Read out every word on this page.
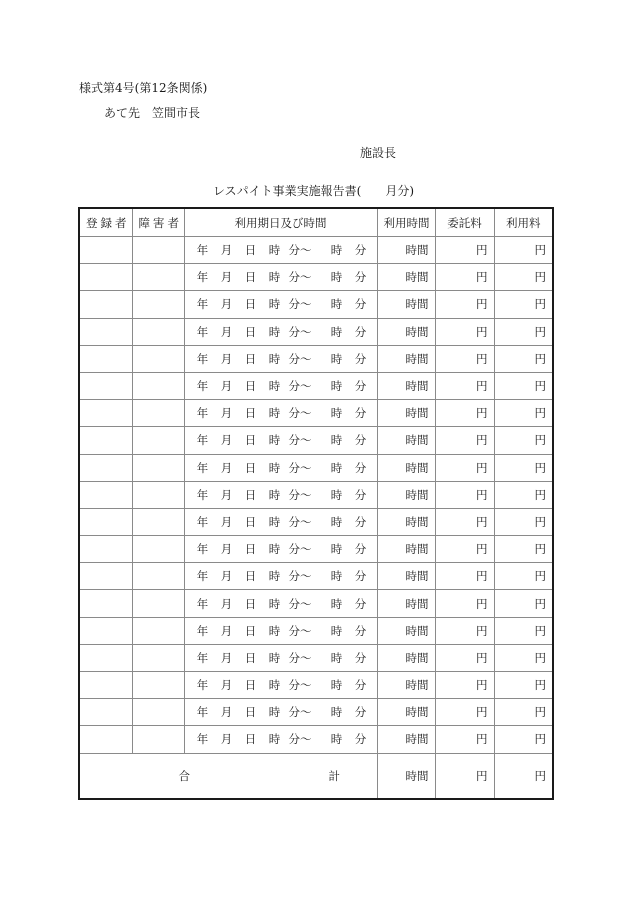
様式第4号(第12条関係)
あて先　笠間市長
施設長
レスパイト事業実施報告書(　　月分)
登録者	障害者	利用期日及び時間	利用時間	委託料	利用料
		年 月 日 時 分〜 時 分	時間	円	円
		年 月 日 時 分〜 時 分	時間	円	円
		年 月 日 時 分〜 時 分	時間	円	円
		年 月 日 時 分〜 時 分	時間	円	円
		年 月 日 時 分〜 時 分	時間	円	円
		年 月 日 時 分〜 時 分	時間	円	円
		年 月 日 時 分〜 時 分	時間	円	円
		年 月 日 時 分〜 時 分	時間	円	円
		年 月 日 時 分〜 時 分	時間	円	円
		年 月 日 時 分〜 時 分	時間	円	円
		年 月 日 時 分〜 時 分	時間	円	円
		年 月 日 時 分〜 時 分	時間	円	円
		年 月 日 時 分〜 時 分	時間	円	円
		年 月 日 時 分〜 時 分	時間	円	円
		年 月 日 時 分〜 時 分	時間	円	円
		年 月 日 時 分〜 時 分	時間	円	円
		年 月 日 時 分〜 時 分	時間	円	円
		年 月 日 時 分〜 時 分	時間	円	円
		年 月 日 時 分〜 時 分	時間	円	円

合 計			時間	円	円
